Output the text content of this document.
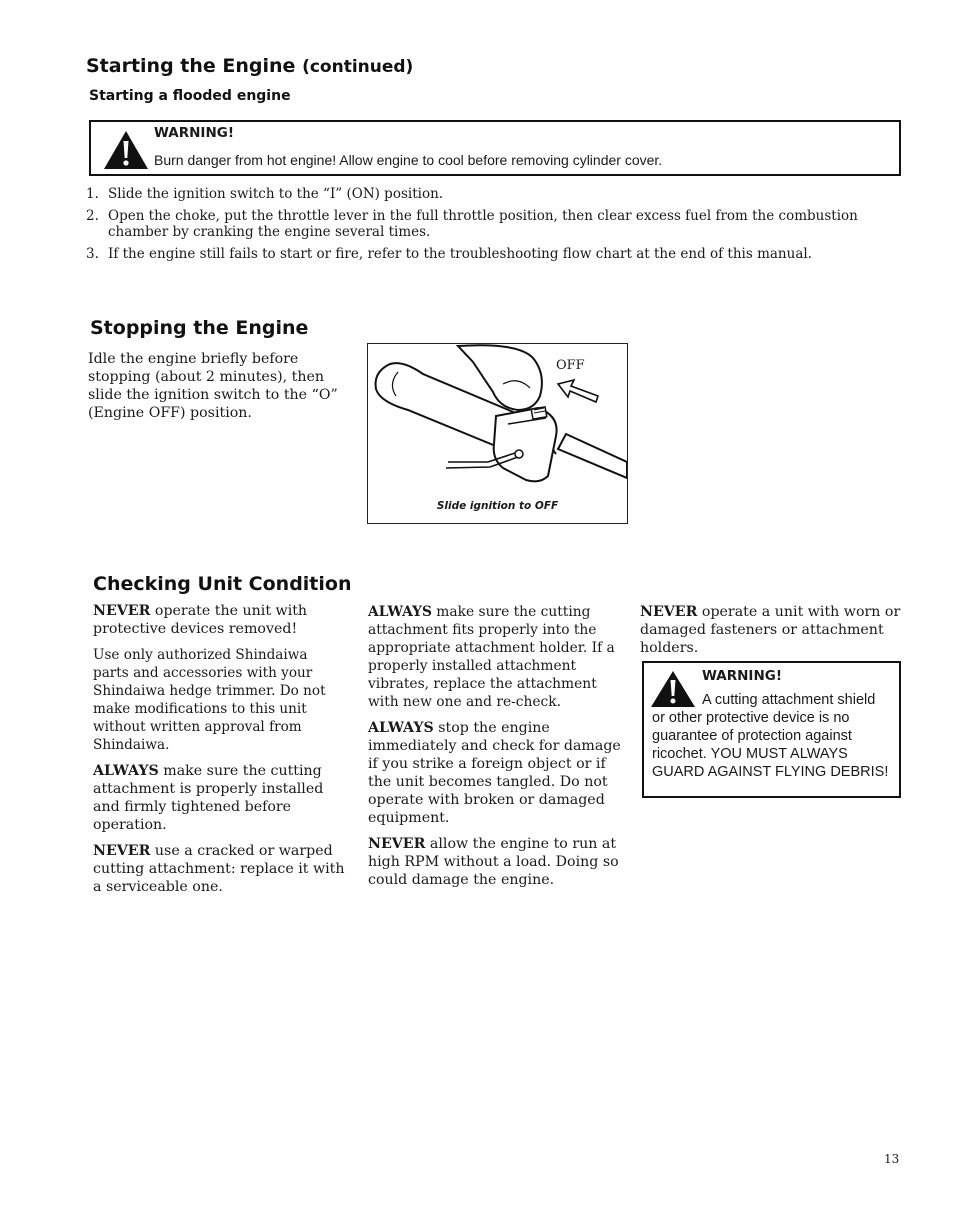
Starting the Engine (continued)
Starting a flooded engine
WARNING!
Burn danger from hot engine! Allow engine to cool before removing cylinder cover.
1. Slide the ignition switch to the “I” (ON) position.
2. Open the choke, put the throttle lever in the full throttle position, then clear excess fuel from the combustion chamber by cranking the engine several times.
3. If the engine still fails to start or fire, refer to the troubleshooting flow chart at the end of this manual.
Stopping the Engine
Idle the engine briefly before stopping (about 2 minutes), then slide the ignition switch to the “O” (Engine OFF) position.
OFF
Slide ignition to OFF
Checking Unit Condition

NEVER operate the unit with protective devices removed!

Use only authorized Shindaiwa parts and accessories with your Shindaiwa hedge trimmer. Do not make modifications to this unit without written approval from Shindaiwa.

ALWAYS make sure the cutting attachment is properly installed and firmly tightened before operation.

NEVER use a cracked or warped cutting attachment: replace it with a serviceable one.

ALWAYS make sure the cutting attachment fits properly into the appropriate attachment holder. If a properly installed attachment vibrates, replace the attachment with new one and re-check.

ALWAYS stop the engine immediately and check for damage if you strike a foreign object or if the unit becomes tangled. Do not operate with broken or damaged equipment.

NEVER allow the engine to run at high RPM without a load. Doing so could damage the engine.

NEVER operate a unit with worn or damaged fasteners or attachment holders.

WARNING!
A cutting attachment shield or other protective device is no guarantee of protection against ricochet. YOU MUST ALWAYS GUARD AGAINST FLYING DEBRIS!
13
